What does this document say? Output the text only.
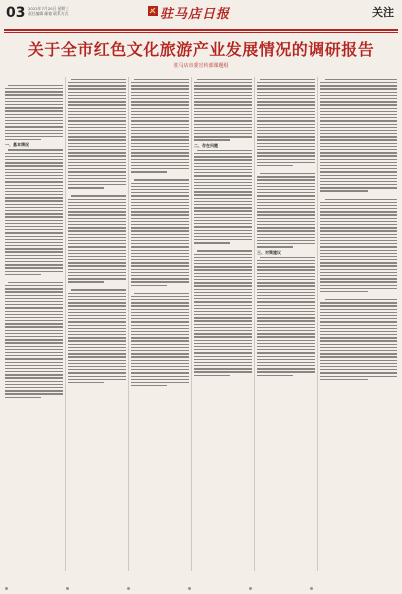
03 2022年7月20日 星期三
责任编辑 邮箱 联系方式	驻马店日报	关注
关于全市红色文化旅游产业发展情况的调研报告
驻马店市委宣传部课题组
一、基本情况	二、存在问题
三、对策建议
